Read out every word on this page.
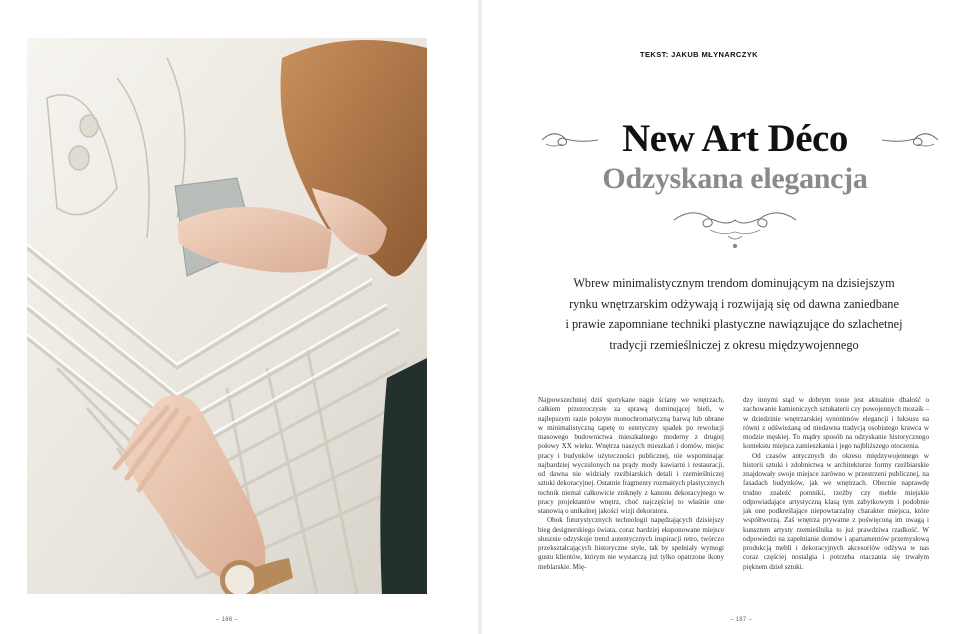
– 186 –
TEKST: JAKUB MŁYNARCZYK
New Art Déco
Odzyskana elegancja
Wbrew minimalistycznym trendom dominującym na dzisiejszym
rynku wnętrzarskim odżywają i rozwijają się od dawna zaniedbane
i prawie zapomniane techniki plastyczne nawiązujące do szlachetnej
tradycji rzemieślniczej z okresu międzywojennego

Najpowszechniej dziś spotykane nagie ściany we wnętrzach, całkiem przezroczyste za sprawą dominującej bieli, w najlepszym razie pokryte monochromatyczną barwą lub ubrane w minimalistyczną tapetę to estetyczny spadek po rewolucji masowego budownictwa mieszkalnego moderny z drugiej połowy XX wieku. Wnętrza naszych mieszkań i domów, miejsc pracy i budynków użyteczności publicznej, nie wspominając najbardziej wyczulonych na prądy mody kawiarni i restauracji, od dawna nie widziały rzeźbiarskich detali i rzemieślniczej sztuki dekoracyjnej. Ostatnie fragmenty rozmaitych plastycznych technik niemal całkowicie zniknęły z kanonu dekoracyjnego w pracy projektantów wnętrz, choć najczęściej to właśnie one stanowią o unikalnej jakości wizji dekoratora.

Obok futurystycznych technologii napędzających dzisiejszy bieg designerskiego świata, coraz bardziej eksponowane miejsce słusznie odzyskuje trend autentycznych inspiracji retro, twórczo przekształcających historyczne style, tak by spełniały wymogi gustu klientów, którym nie wystarczą już tylko opatrzone ikony meblarskie. Mię-

dzy innymi stąd w dobrym tonie jest aktualnie dbałość o zachowanie kamieniczych sztukaterii czy powojennych mozaik – w dziedzinie wnętrzarskiej synonimów elegancji i luksusu na równi z odświeżaną od niedawna tradycją osobistego krawca w modzie męskiej. To mądry sposób na odzyskanie historycznego kontekstu miejsca zamieszkania i jego najbliższego otoczenia.

Od czasów antycznych do okresu międzywojennego w historii sztuki i zdobnictwa w architekturze formy rzeźbiarskie znajdowały swoje miejsce zarówno w przestrzeni publicznej, na fasadach budynków, jak we wnętrzach. Obecnie naprawdę trudno znaleźć pomniki, rzeźby czy meble miejskie odpowiadające artystyczną klasą tym zabytkowym i podobnie jak one podkreślające niepowtarzalny charakter miejsca, które współtworzą. Zaś wnętrza prywatne z poświęconą im uwagą i kunsztem artysty rzemieślnika to już prawdziwa rzadkość. W odpowiedzi na zapełnianie domów i apartamentów przemysłową produkcją mebli i dekoracyjnych akcesoriów odżywa w nas coraz częściej nostalgia i potrzeba otaczania się trwałym pięknem dzieł sztuki.

– 187 –
